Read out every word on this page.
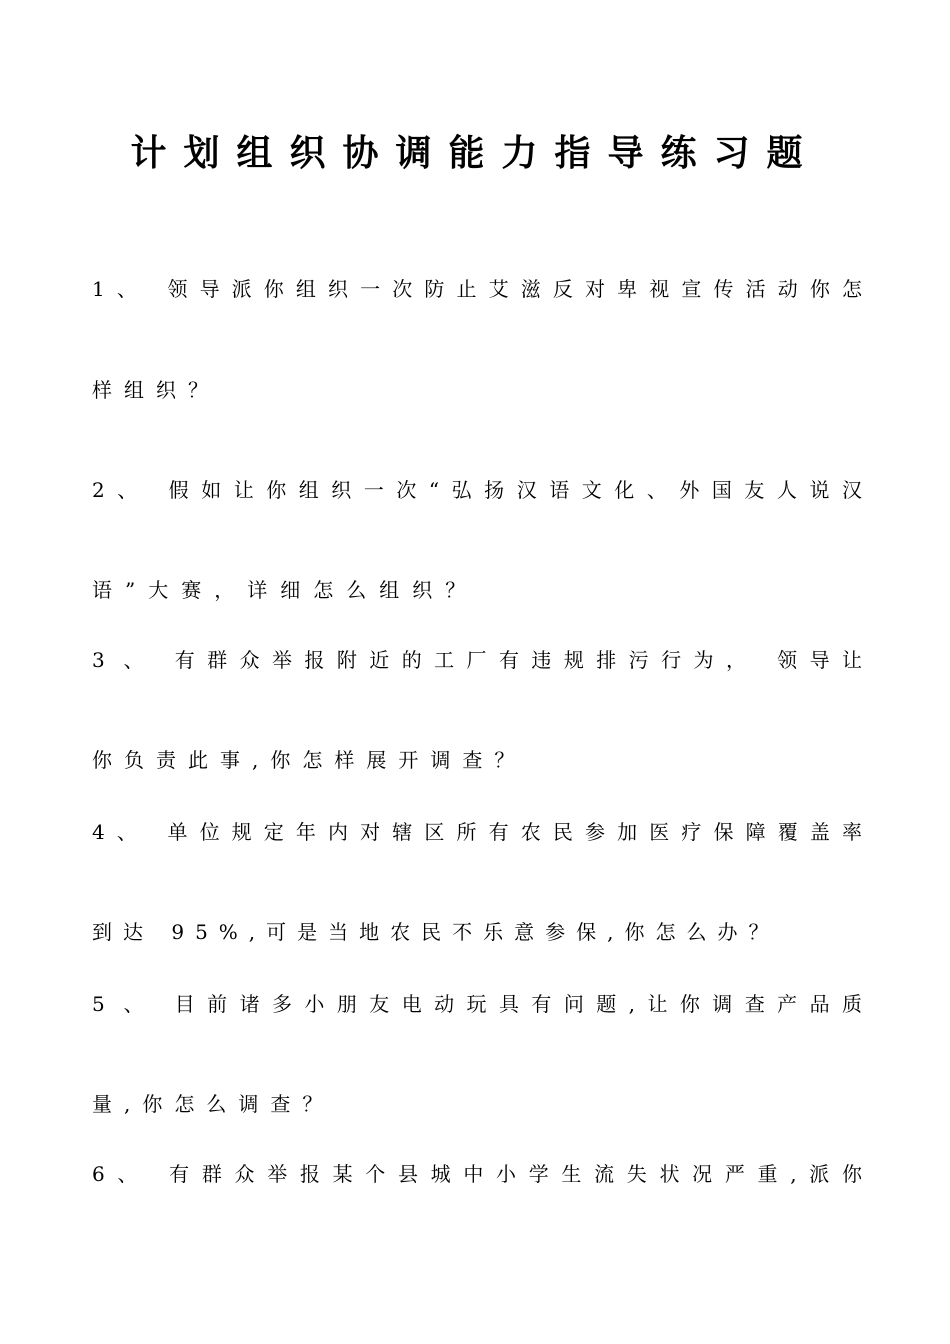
计划组织协调能力指导练习题
1、 领导派你组织一次防止艾滋反对卑视宣传活动你怎
样组织？
2、 假如让你组织一次“弘扬汉语文化、外国友人说汉
语”大赛，详细怎么组织？
3 、 有群众举报附近的工厂有违规排污行为， 领导让
你负责此事,你怎样展开调查？
4、 单位规定年内对辖区所有农民参加医疗保障覆盖率
到达 95%,可是当地农民不乐意参保,你怎么办？
5 、 目前诸多小朋友电动玩具有问题,让你调查产品质
量,你怎么调查？
6、 有群众举报某个县城中小学生流失状况严重,派你
